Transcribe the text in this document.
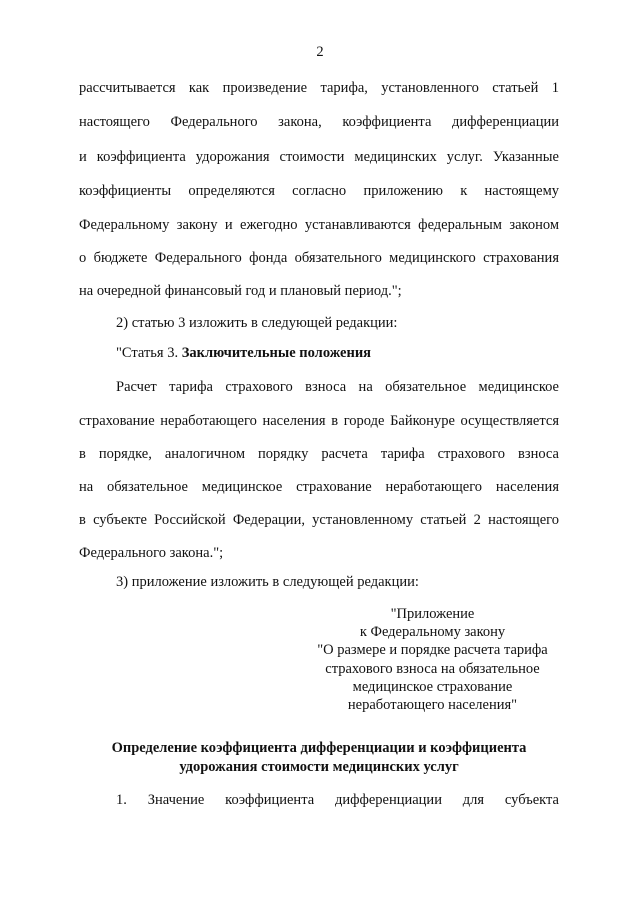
2
рассчитывается как произведение тарифа, установленного статьей 1
настоящего Федерального закона, коэффициента дифференциации
и коэффициента удорожания стоимости медицинских услуг. Указанные
коэффициенты определяются согласно приложению к настоящему
Федеральному закону и ежегодно устанавливаются федеральным законом
о бюджете Федерального фонда обязательного медицинского страхования
на очередной финансовый год и плановый период.";
2) статью 3 изложить в следующей редакции:
"Статья 3. Заключительные положения
Расчет тарифа страхового взноса на обязательное медицинское
страхование неработающего населения в городе Байконуре осуществляется
в порядке, аналогичном порядку расчета тарифа страхового взноса
на обязательное медицинское страхование неработающего населения
в субъекте Российской Федерации, установленному статьей 2 настоящего
Федерального закона.";
3) приложение изложить в следующей редакции:
"Приложение
к Федеральному закону
"О размере и порядке расчета тарифа
страхового взноса на обязательное
медицинское страхование
неработающего населения"
Определение коэффициента дифференциации и коэффициента
удорожания стоимости медицинских услуг
1. Значение коэффициента дифференциации для субъекта
